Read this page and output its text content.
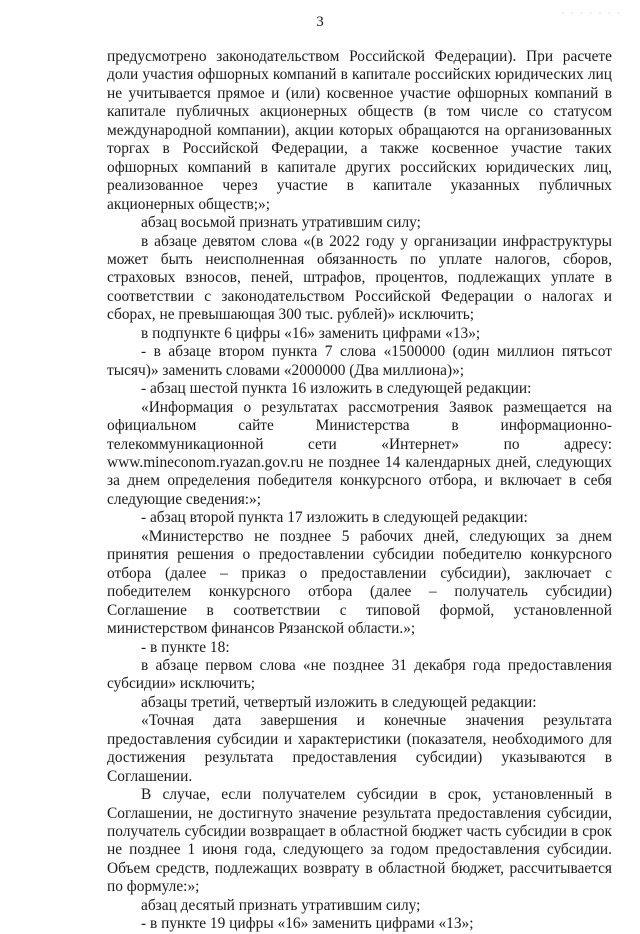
· · · · · · ·
3

предусмотрено законодательством Российской Федерации). При расчете доли участия офшорных компаний в капитале российских юридических лиц не учитывается прямое и (или) косвенное участие офшорных компаний в капитале публичных акционерных обществ (в том числе со статусом международной компании), акции которых обращаются на организованных торгах в Российской Федерации, а также косвенное участие таких офшорных компаний в капитале других российских юридических лиц, реализованное через участие в капитале указанных публичных акционерных обществ;»;

абзац восьмой признать утратившим силу;

в абзаце девятом слова «(в 2022 году у организации инфраструктуры может быть неисполненная обязанность по уплате налогов, сборов, страховых взносов, пеней, штрафов, процентов, подлежащих уплате в соответствии с законодательством Российской Федерации о налогах и сборах, не превышающая 300 тыс. рублей)» исключить;

в подпункте 6 цифры «16» заменить цифрами «13»;

- в абзаце втором пункта 7 слова «1500000 (один миллион пятьсот тысяч)» заменить словами «2000000 (Два миллиона)»;

- абзац шестой пункта 16 изложить в следующей редакции:

«Информация о результатах рассмотрения Заявок размещается на официальном сайте Министерства в информационно-телекоммуникационной сети «Интернет» по адресу: www.mineconom.ryazan.gov.ru не позднее 14 календарных дней, следующих за днем определения победителя конкурсного отбора, и включает в себя следующие сведения:»;

- абзац второй пункта 17 изложить в следующей редакции:

«Министерство не позднее 5 рабочих дней, следующих за днем принятия решения о предоставлении субсидии победителю конкурсного отбора (далее – приказ о предоставлении субсидии), заключает с победителем конкурсного отбора (далее – получатель субсидии) Соглашение в соответствии с типовой формой, установленной министерством финансов Рязанской области.»;

- в пункте 18:

в абзаце первом слова «не позднее 31 декабря года предоставления субсидии» исключить;

абзацы третий, четвертый изложить в следующей редакции:

«Точная дата завершения и конечные значения результата предоставления субсидии и характеристики (показателя, необходимого для достижения результата предоставления субсидии) указываются в Соглашении.

В случае, если получателем субсидии в срок, установленный в Соглашении, не достигнуто значение результата предоставления субсидии, получатель субсидии возвращает в областной бюджет часть субсидии в срок не позднее 1 июня года, следующего за годом предоставления субсидии. Объем средств, подлежащих возврату в областной бюджет, рассчитывается по формуле:»;

абзац десятый признать утратившим силу;

- в пункте 19 цифры «16» заменить цифрами «13»;
